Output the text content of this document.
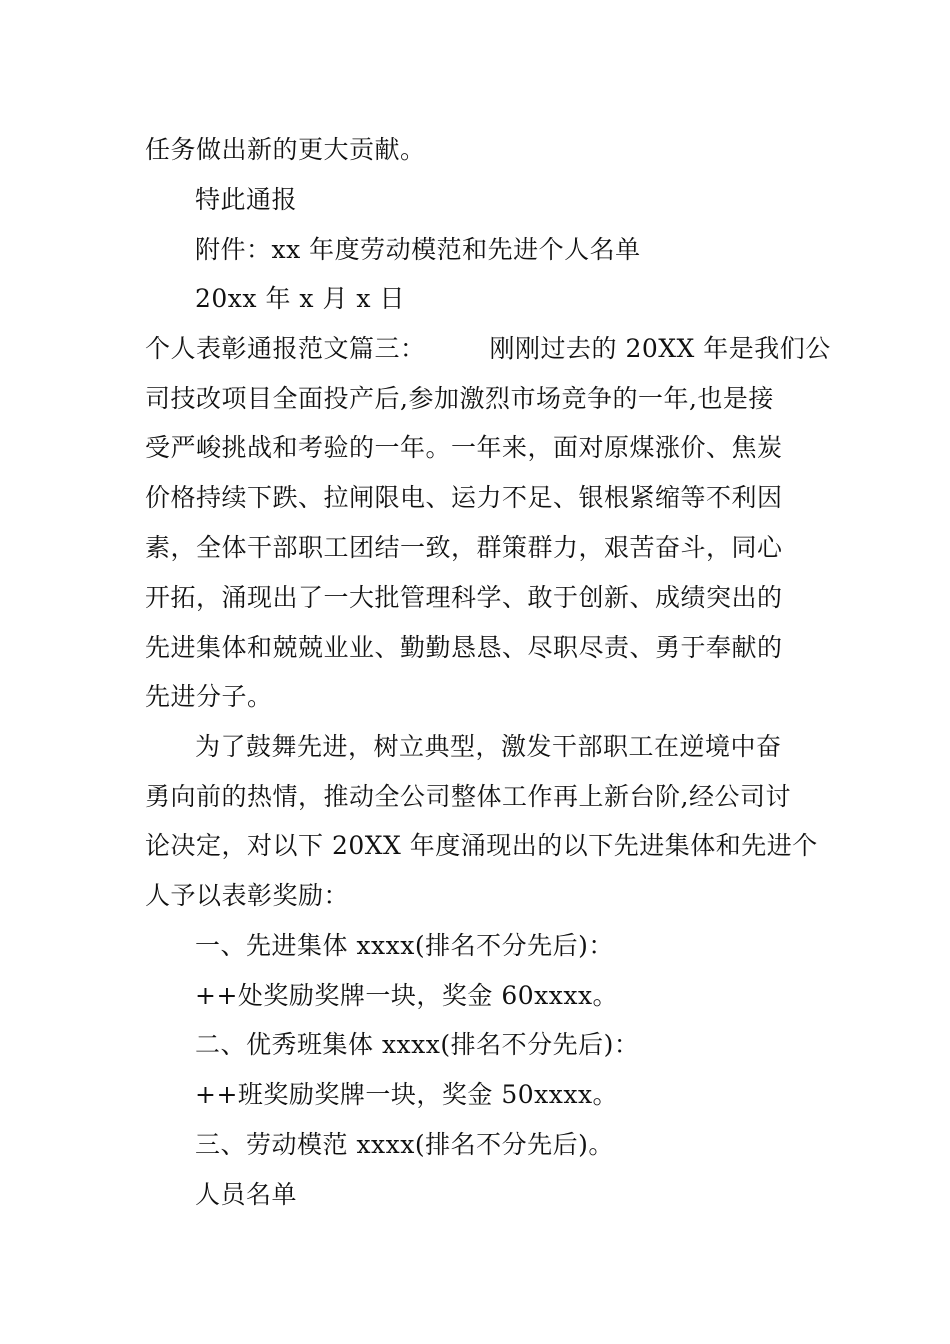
任务做出新的更大贡献。
特此通报
附件：xx 年度劳动模范和先进个人名单
20xx 年 x 月 x 日
个人表彰通报范文篇三：　　　刚刚过去的 20XX 年是我们公
司技改项目全面投产后,参加激烈市场竞争的一年,也是接
受严峻挑战和考验的一年。一年来，面对原煤涨价、焦炭
价格持续下跌、拉闸限电、运力不足、银根紧缩等不利因
素，全体干部职工团结一致，群策群力，艰苦奋斗，同心
开拓，涌现出了一大批管理科学、敢于创新、成绩突出的
先进集体和兢兢业业、勤勤恳恳、尽职尽责、勇于奉献的
先进分子。
为了鼓舞先进，树立典型，激发干部职工在逆境中奋
勇向前的热情，推动全公司整体工作再上新台阶,经公司讨
论决定，对以下 20XX 年度涌现出的以下先进集体和先进个
人予以表彰奖励：
一、先进集体 xxxx(排名不分先后)：
++处奖励奖牌一块，奖金 60xxxx。
二、优秀班集体 xxxx(排名不分先后)：
++班奖励奖牌一块，奖金 50xxxx。
三、劳动模范 xxxx(排名不分先后)。
人员名单
